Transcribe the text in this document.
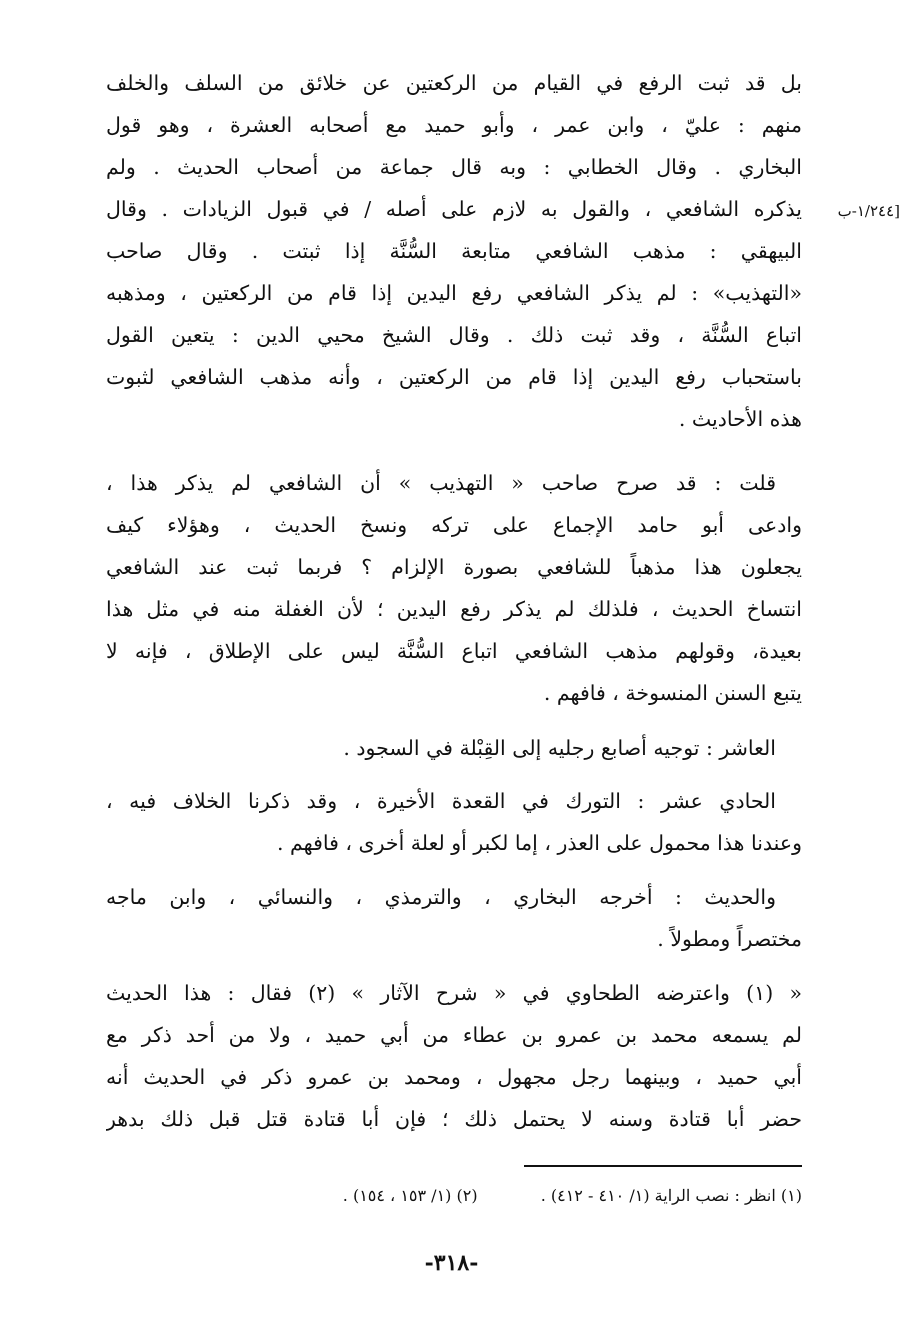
[١/٢٤٤-ب
بل قد ثبت الرفع في القيام من الركعتين عن خلائق من السلف والخلف
منهم : عليّ ، وابن عمر ، وأبو حميد مع أصحابه العشرة ، وهو قول
البخاري . وقال الخطابي : وبه قال جماعة من أصحاب الحديث . ولم
يذكره الشافعي ، والقول به لازم على أصله / في قبول الزيادات . وقال
البيهقي : مذهب الشافعي متابعة السُّنَّة إذا ثبتت . وقال صاحب
«التهذيب» : لم يذكر الشافعي رفع اليدين إذا قام من الركعتين ، ومذهبه
اتباع السُّنَّة ، وقد ثبت ذلك . وقال الشيخ محيي الدين : يتعين القول
باستحباب رفع اليدين إذا قام من الركعتين ، وأنه مذهب الشافعي لثبوت
هذه الأحاديث .
قلت : قد صرح صاحب « التهذيب » أن الشافعي لم يذكر هذا ،
وادعى أبو حامد الإجماع على تركه ونسخ الحديث ، وهؤلاء كيف
يجعلون هذا مذهباً للشافعي بصورة الإلزام ؟ فربما ثبت عند الشافعي
انتساخ الحديث ، فلذلك لم يذكر رفع اليدين ؛ لأن الغفلة منه في مثل هذا
بعيدة، وقولهم مذهب الشافعي اتباع السُّنَّة ليس على الإطلاق ، فإنه لا
يتبع السنن المنسوخة ، فافهم .
العاشر : توجيه أصابع رجليه إلى القِبْلة في السجود .
الحادي عشر : التورك في القعدة الأخيرة ، وقد ذكرنا الخلاف فيه ،
وعندنا هذا محمول على العذر ، إما لكبر أو لعلة أخرى ، فافهم .
والحديث : أخرجه البخاري ، والترمذي ، والنسائي ، وابن ماجه
مختصراً ومطولاً .
« (١) واعترضه الطحاوي في « شرح الآثار » (٢) فقال : هذا الحديث
لم يسمعه محمد بن عمرو بن عطاء من أبي حميد ، ولا من أحد ذكر مع
أبي حميد ، وبينهما رجل مجهول ، ومحمد بن عمرو ذكر في الحديث أنه
حضر أبا قتادة وسنه لا يحتمل ذلك ؛ فإن أبا قتادة قتل قبل ذلك بدهر
(١) انظر : نصب الراية (١/ ٤١٠ - ٤١٢) . (٢) (١/ ١٥٣ ، ١٥٤) .
-٣١٨-
